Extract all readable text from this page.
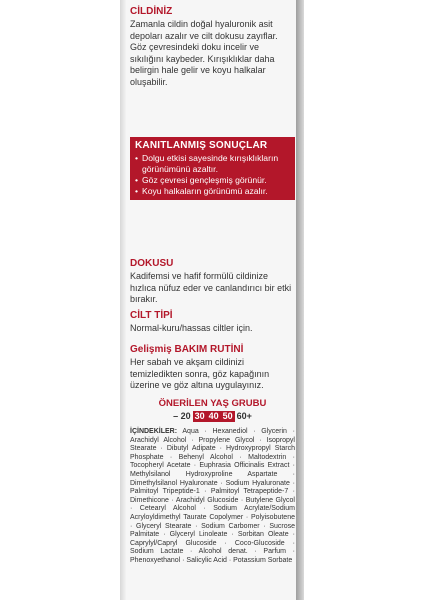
CİLDİNİZ

Zamanla cildin doğal hyaluronik asit depoları azalır ve cilt dokusu zayıflar. Göz çevresindeki doku incelir ve sıkılığını kaybeder. Kırışıklıklar daha belirgin hale gelir ve koyu halkalar oluşabilir.

KANITLANMIŞ SONUÇLAR

• Dolgu etkisi sayesinde kırışıklıkların görünümünü azaltır.
• Göz çevresi gençleşmiş görünür.
• Koyu halkaların görünümü azalır.

DOKUSU

Kadifemsi ve hafif formülü cildinize hızlıca nüfuz eder ve canlandırıcı bir etki bırakır.

CİLT TİPİ

Normal-kuru/hassas ciltler için.

Gelişmiş BAKIM RUTİNİ

Her sabah ve akşam cildinizi temizledikten sonra, göz kapağının üzerine ve göz altına uygulayınız.

ÖNERİLEN YAŞ GRUBU
– 20 30 40 50 60+
İÇİNDEKİLER: Aqua · Hexanediol · Glycerin · Arachidyl Alcohol · Propylene Glycol · Isopropyl Stearate · Dibutyl Adipate · Hydroxypropyl Starch Phosphate · Behenyl Alcohol · Maltodextrin · Tocopheryl Acetate · Euphrasia Officinalis Extract · Methylsilanol Hydroxyproline Aspartate · Dimethylsilanol Hyaluronate · Sodium Hyaluronate · Palmitoyl Tripeptide-1 · Palmitoyl Tetrapeptide-7 · Dimethicone · Arachidyl Glucoside · Butylene Glycol · Cetearyl Alcohol · Sodium Acrylate/Sodium Acryloyldimethyl Taurate Copolymer · Polyisobutene · Glyceryl Stearate · Sodium Carbomer · Sucrose Palmitate · Glyceryl Linoleate · Sorbitan Oleate · Caprylyl/Capryl Glucoside · Coco-Glucoside · Sodium Lactate · Alcohol denat. · Parfum · Phenoxyethanol · Salicylic Acid · Potassium Sorbate
